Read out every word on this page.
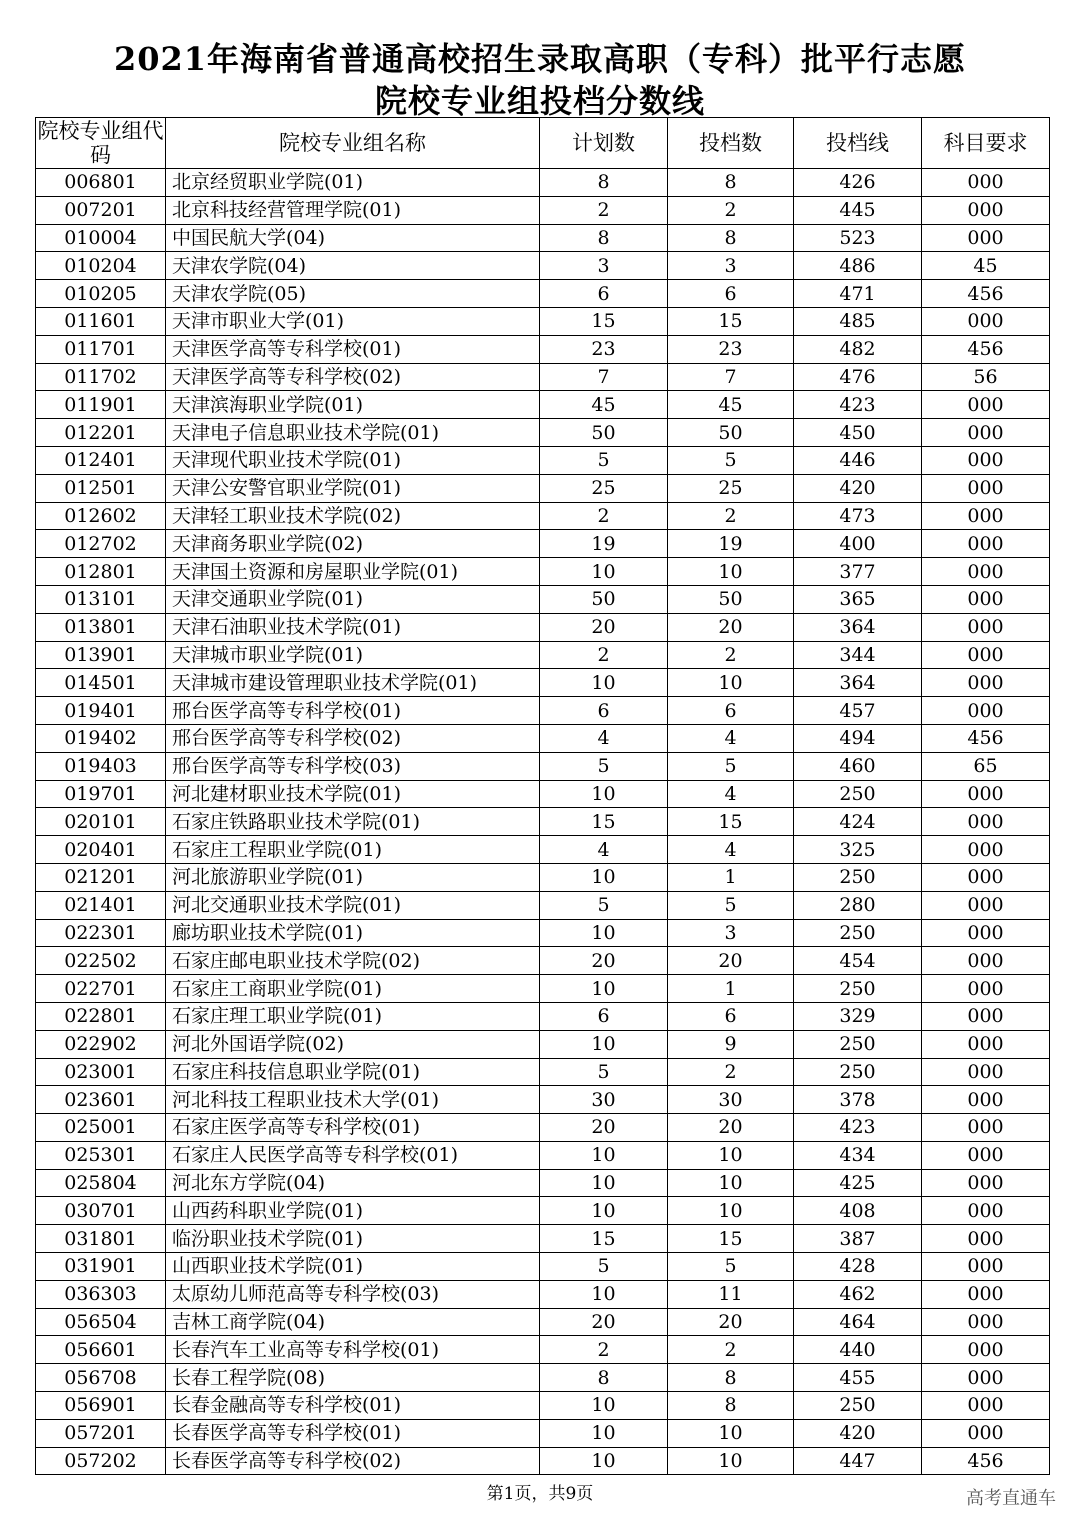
2021年海南省普通高校招生录取高职（专科）批平行志愿
院校专业组投档分数线
院校专业组代码	院校专业组名称	计划数	投档数	投档线	科目要求
006801	北京经贸职业学院(01)	8	8	426	000
007201	北京科技经营管理学院(01)	2	2	445	000
010004	中国民航大学(04)	8	8	523	000
010204	天津农学院(04)	3	3	486	45
010205	天津农学院(05)	6	6	471	456
011601	天津市职业大学(01)	15	15	485	000
011701	天津医学高等专科学校(01)	23	23	482	456
011702	天津医学高等专科学校(02)	7	7	476	56
011901	天津滨海职业学院(01)	45	45	423	000
012201	天津电子信息职业技术学院(01)	50	50	450	000
012401	天津现代职业技术学院(01)	5	5	446	000
012501	天津公安警官职业学院(01)	25	25	420	000
012602	天津轻工职业技术学院(02)	2	2	473	000
012702	天津商务职业学院(02)	19	19	400	000
012801	天津国土资源和房屋职业学院(01)	10	10	377	000
013101	天津交通职业学院(01)	50	50	365	000
013801	天津石油职业技术学院(01)	20	20	364	000
013901	天津城市职业学院(01)	2	2	344	000
014501	天津城市建设管理职业技术学院(01)	10	10	364	000
019401	邢台医学高等专科学校(01)	6	6	457	000
019402	邢台医学高等专科学校(02)	4	4	494	456
019403	邢台医学高等专科学校(03)	5	5	460	65
019701	河北建材职业技术学院(01)	10	4	250	000
020101	石家庄铁路职业技术学院(01)	15	15	424	000
020401	石家庄工程职业学院(01)	4	4	325	000
021201	河北旅游职业学院(01)	10	1	250	000
021401	河北交通职业技术学院(01)	5	5	280	000
022301	廊坊职业技术学院(01)	10	3	250	000
022502	石家庄邮电职业技术学院(02)	20	20	454	000
022701	石家庄工商职业学院(01)	10	1	250	000
022801	石家庄理工职业学院(01)	6	6	329	000
022902	河北外国语学院(02)	10	9	250	000
023001	石家庄科技信息职业学院(01)	5	2	250	000
023601	河北科技工程职业技术大学(01)	30	30	378	000
025001	石家庄医学高等专科学校(01)	20	20	423	000
025301	石家庄人民医学高等专科学校(01)	10	10	434	000
025804	河北东方学院(04)	10	10	425	000
030701	山西药科职业学院(01)	10	10	408	000
031801	临汾职业技术学院(01)	15	15	387	000
031901	山西职业技术学院(01)	5	5	428	000
036303	太原幼儿师范高等专科学校(03)	10	11	462	000
056504	吉林工商学院(04)	20	20	464	000
056601	长春汽车工业高等专科学校(01)	2	2	440	000
056708	长春工程学院(08)	8	8	455	000
056901	长春金融高等专科学校(01)	10	8	250	000
057201	长春医学高等专科学校(01)	10	10	420	000
057202	长春医学高等专科学校(02)	10	10	447	456
第1页，共9页	高考直通车
